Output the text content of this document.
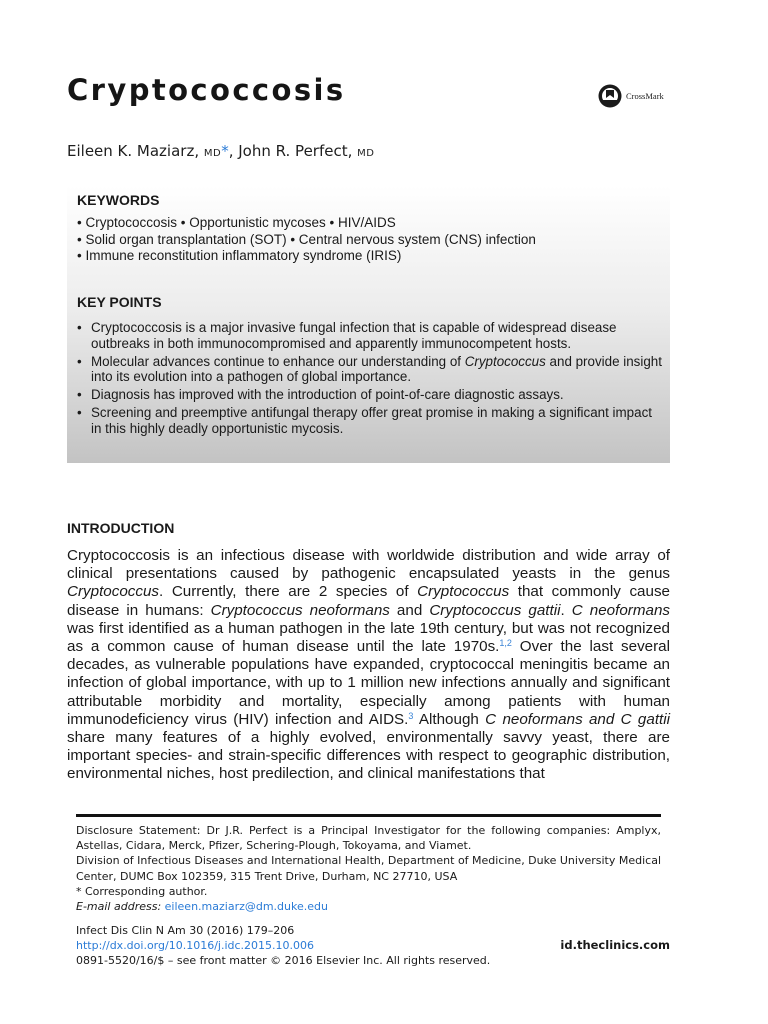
Cryptococcosis	CrossMark
Eileen K. Maziarz, MD*, John R. Perfect, MD
KEYWORDS
• Cryptococcosis • Opportunistic mycoses • HIV/AIDS
• Solid organ transplantation (SOT) • Central nervous system (CNS) infection
• Immune reconstitution inflammatory syndrome (IRIS)
KEY POINTS
• Cryptococcosis is a major invasive fungal infection that is capable of widespread disease outbreaks in both immunocompromised and apparently immunocompetent hosts.
• Molecular advances continue to enhance our understanding of Cryptococcus and provide insight into its evolution into a pathogen of global importance.
• Diagnosis has improved with the introduction of point-of-care diagnostic assays.
• Screening and preemptive antifungal therapy offer great promise in making a significant impact in this highly deadly opportunistic mycosis.
INTRODUCTION

Cryptococcosis is an infectious disease with worldwide distribution and wide array of clinical presentations caused by pathogenic encapsulated yeasts in the genus Cryptococcus. Currently, there are 2 species of Cryptococcus that commonly cause disease in humans: Cryptococcus neoformans and Cryptococcus gattii. C neoformans was first identified as a human pathogen in the late 19th century, but was not recognized as a common cause of human disease until the late 1970s.$^{1,2}$ Over the last several decades, as vulnerable populations have expanded, cryptococcal meningitis became an infection of global importance, with up to 1 million new infections annually and significant attributable morbidity and mortality, especially among patients with human immunodeficiency virus (HIV) infection and AIDS.$^3$ Although C neoformans and C gattii share many features of a highly evolved, environmentally savvy yeast, there are important species- and strain-specific differences with respect to geographic distribution, environmental niches, host predilection, and clinical manifestations that

Disclosure Statement: Dr J.R. Perfect is a Principal Investigator for the following companies: Amplyx, Astellas, Cidara, Merck, Pfizer, Schering-Plough, Tokoyama, and Viamet.

Division of Infectious Diseases and International Health, Department of Medicine, Duke University Medical Center, DUMC Box 102359, 315 Trent Drive, Durham, NC 27710, USA

* Corresponding author.

E-mail address: eileen.maziarz@dm.duke.edu

Infect Dis Clin N Am 30 (2016) 179–206

http://dx.doi.org/10.1016/j.idc.2015.10.006

0891-5520/16/$ – see front matter © 2016 Elsevier Inc. All rights reserved.

id.theclinics.com
